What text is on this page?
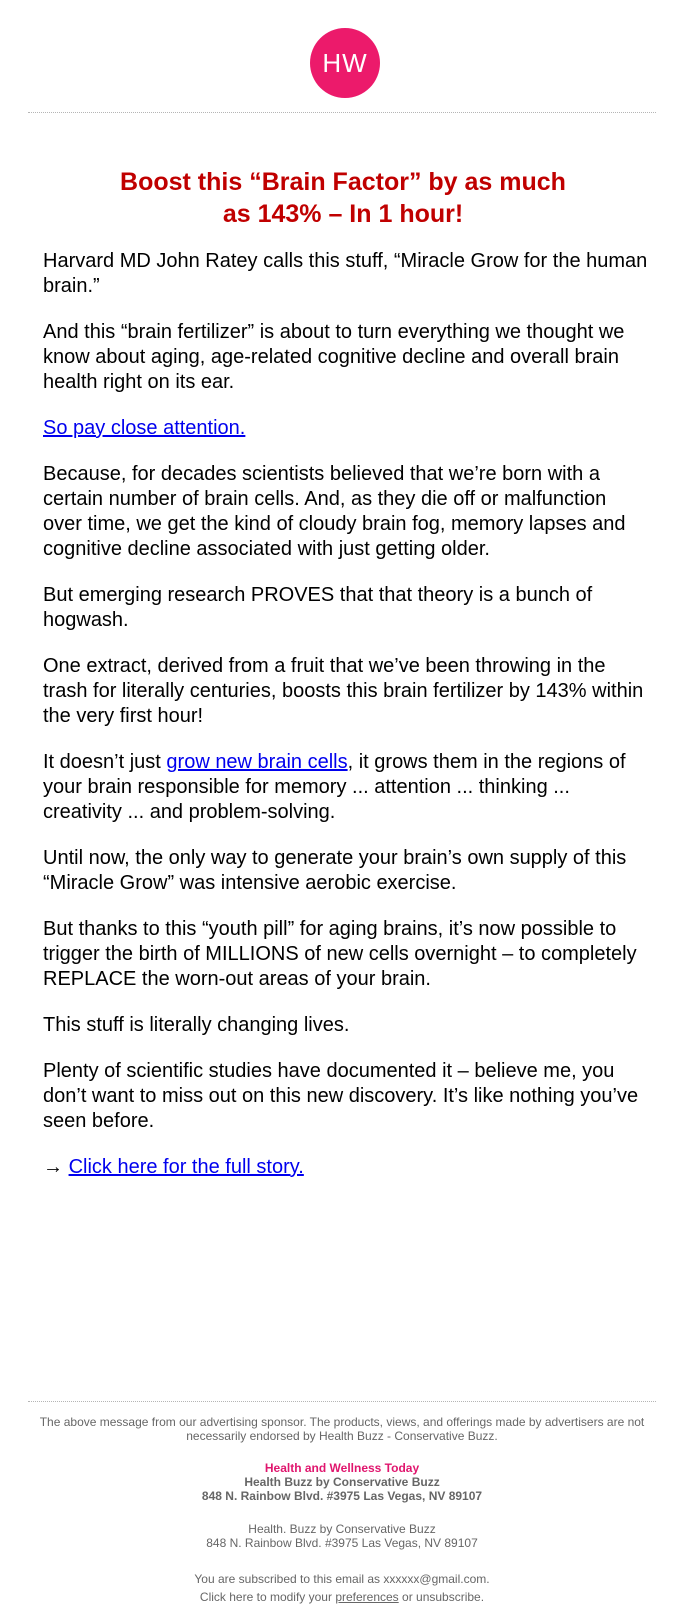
HW
Boost this “Brain Factor” by as much
as 143% – In 1 hour!

Harvard MD John Ratey calls this stuff, “Miracle Grow for the human brain.”

And this “brain fertilizer” is about to turn everything we thought we know about aging, age-related cognitive decline and overall brain health right on its ear.

So pay close attention.

Because, for decades scientists believed that we’re born with a certain number of brain cells. And, as they die off or malfunction over time, we get the kind of cloudy brain fog, memory lapses and cognitive decline associated with just getting older.

But emerging research PROVES that that theory is a bunch of hogwash.

One extract, derived from a fruit that we’ve been throwing in the trash for literally centuries, boosts this brain fertilizer by 143% within the very first hour!

It doesn’t just grow new brain cells, it grows them in the regions of your brain responsible for memory ... attention ... thinking ... creativity ... and problem-solving.

Until now, the only way to generate your brain’s own supply of this “Miracle Grow” was intensive aerobic exercise.

But thanks to this “youth pill” for aging brains, it’s now possible to trigger the birth of MILLIONS of new cells overnight – to completely REPLACE the worn-out areas of your brain.

This stuff is literally changing lives.

Plenty of scientific studies have documented it – believe me, you don’t want to miss out on this new discovery. It’s like nothing you’ve seen before.

→ Click here for the full story.

The above message from our advertising sponsor. The products, views, and offerings made by advertisers are not necessarily endorsed by Health Buzz - Conservative Buzz.

Health and Wellness Today

Health Buzz by Conservative Buzz

848 N. Rainbow Blvd. #3975 Las Vegas, NV 89107

Health. Buzz by Conservative Buzz

848 N. Rainbow Blvd. #3975 Las Vegas, NV 89107

You are subscribed to this email as xxxxxx@gmail.com.

Click here to modify your preferences or unsubscribe.
